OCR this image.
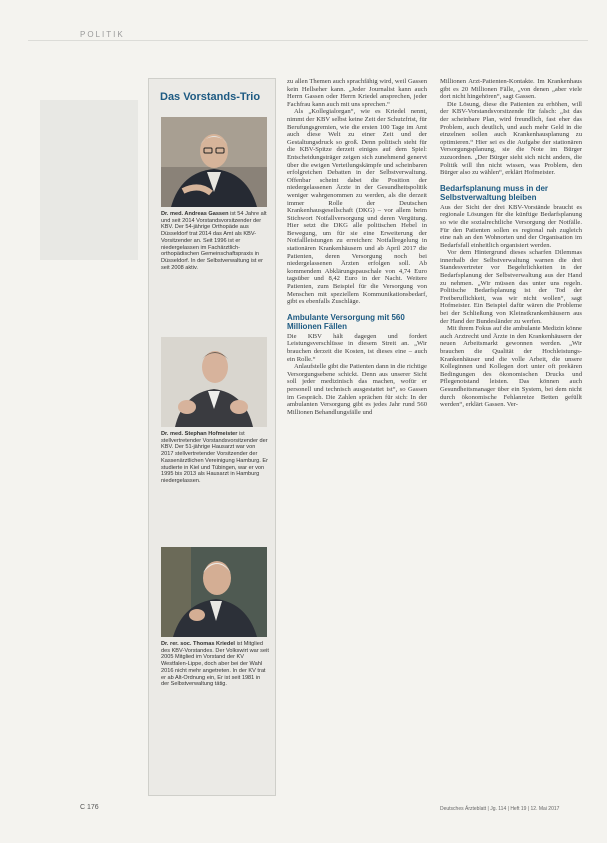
POLITIK
Das Vorstands-Trio
Dr. med. Andreas Gassen ist 54 Jahre alt und seit 2014 Vorstandsvorsitzender der KBV. Der 54-jährige Orthopäde aus Düsseldorf trat 2014 das Amt als KBV-Vorsitzender an. Seit 1996 ist er niedergelassen im Fachärztlich-orthopädischen Gemeinschaftspraxis in Düsseldorf. In der Selbstverwaltung ist er seit 2008 aktiv.
Dr. med. Stephan Hofmeister ist stellvertretender Vorstandsvorsitzender der KBV. Der 51-jährige Hausarzt war von 2017 stellvertretender Vorsitzender der Kassenärztlichen Vereinigung Hamburg. Er studierte in Kiel und Tübingen, war er von 1995 bis 2013 als Hausarzt in Hamburg niedergelassen.
Dr. rer. soc. Thomas Kriedel ist Mitglied des KBV-Vorstandes. Der Volkswirt war seit 2005 Mitglied im Vorstand der KV Westfalen-Lippe, doch aber bei der Wahl 2016 nicht mehr angetreten. In der KV trat er ab Alt-Ordnung ein, Er ist seit 1981 in der Selbstverwaltung tätig.

zu allen Themen auch sprachfähig wird, weil Gassen kein Hellseher kann. „Jeder Journalist kann auch Herrn Gassen oder Herrn Kriedel ansprechen, jeder Fachfrau kann auch mit uns sprechen.“

Als „Kollegialorgan“, wie es Kriedel nennt, nimmt der KBV selbst keine Zeit der Schutzfrist, für Berufungsgremien, wie die ersten 100 Tage im Amt auch diese Welt zu einer Zeit und der Gestaltungsdruck so groß. Denn politisch steht für die KBV-Spitze derzeit einiges auf dem Spiel: Entscheidungsträger zeigen sich zunehmend genervt über die ewigen Verteilungskämpfe und scheinbaren erfolgreichen Debatten in der Selbstverwaltung. Offenbar scheint dabei die Position der niedergelassenen Ärzte in der Gesundheitspolitik weniger wahrgenommen zu werden, als die derzeit immer Rolle der Deutschen Krankenhausgesellschaft (DKG) – vor allem beim Stichwort Notfallversorgung und deren Vergütung. Hier setzt die DKG alle politischen Hebel in Bewegung, um für sie eine Erweiterung der Notfallleistungen zu erreichen: Notfallregelung in stationären Krankenhäusern und ab April 2017 die Patienten, deren Versorgung noch bei niedergelassenen Ärzten erfolgen soll. Ab kommendem Abklärungspauschale von 4,74 Euro tagsüber und 8,42 Euro in der Nacht. Weitere Patienten, zum Beispiel für die Versorgung von Menschen mit speziellem Kommunikationsbedarf, gibt es ebenfalls Zuschläge.

Ambulante Versorgung mit 560 Millionen Fällen

Die KBV hält dagegen und fordert Leistungsverschlüsse in diesem Streit an. „Wir brauchen derzeit die Kosten, ist dieses eine – auch ein Rolle.“

Anlaufstelle gibt die Patienten dann in die richtige Versorgungsebene schickt. Denn aus unserer Sicht soll jeder medizinisch das machen, wofür er personell und technisch ausgestattet ist“, so Gassen im Gespräch. Die Zahlen sprächen für sich: In der ambulanten Versorgung gibt es jedes Jahr rund 560 Millionen Behandlungsfälle und

Millionen Arzt-Patienten-Kontakte. Im Krankenhaus gibt es 20 Millionen Fälle, „von denen „aber viele dort nicht hingehören“, sagt Gassen.

Die Lösung, diese die Patienten zu erhöhen, will der KBV-Vorstandsvorsitzende für falsch: „Ist das der scheinbare Plan, wird freundlich, fast eher das Problem, auch deutlich, und auch mehr Geld in die einzelnen sollen auch Krankenhausplanung zu optimieren.“ Hier sei es die Aufgabe der stationären Versorgungsplanung, sie die Note im Bürger zuzuordnen. „Der Bürger sieht sich nicht anders, die Politik will ihn nicht wissen, was Problem, den Bürger also zu wählen“, erklärt Hofmeister.

Bedarfsplanung muss in der Selbstverwaltung bleiben

Aus der Sicht der drei KBV-Vorstände braucht es regionale Lösungen für die künftige Bedarfsplanung so wie die sozialrechtliche Versorgung der Notfälle. Für den Patienten sollen es regional nah zugleich eine nah an den Wohnorten und der Organisation im Bedarfsfall einheitlich organisiert werden.

Vor dem Hintergrund dieses scharfen Dilemmas innerhalb der Selbstverwaltung warnen die drei Standesvertreter vor Begehrlichkeiten in der Bedarfsplanung der Selbstverwaltung aus der Hand zu nehmen. „Wir müssen das unter uns regeln. Politische Bedarfsplanung ist der Tod der Freiberuflichkeit, was wir nicht wollen“, sagt Hofmeister. Ein Beispiel dafür wären die Probleme bei der Schließung von Kleinstkrankenhäusern aus der Hand der Bundesländer zu werfen.

Mit ihrem Fokus auf die ambulante Medizin könne auch Arztrecht und Ärzte in den Krankenhäusern der neuen Arbeitsmarkt gewonnen werden. „Wir brauchen die Qualität der Hochleistungs-Krankenhäuser und die volle Arbeit, die unsere Kolleginnen und Kollegen dort unter oft prekären Bedingungen des ökonomischen Drucks und Pflegenotstand leisten. Das können auch Gesundheitsmanager über ein System, bei dem nicht durch ökonomische Fehlanreize Betten gefüllt werden“, erklärt Gassen. Ver-

C 176	Deutsches Ärzteblatt | Jg. 114 | Heft 19 | 12. Mai 2017
